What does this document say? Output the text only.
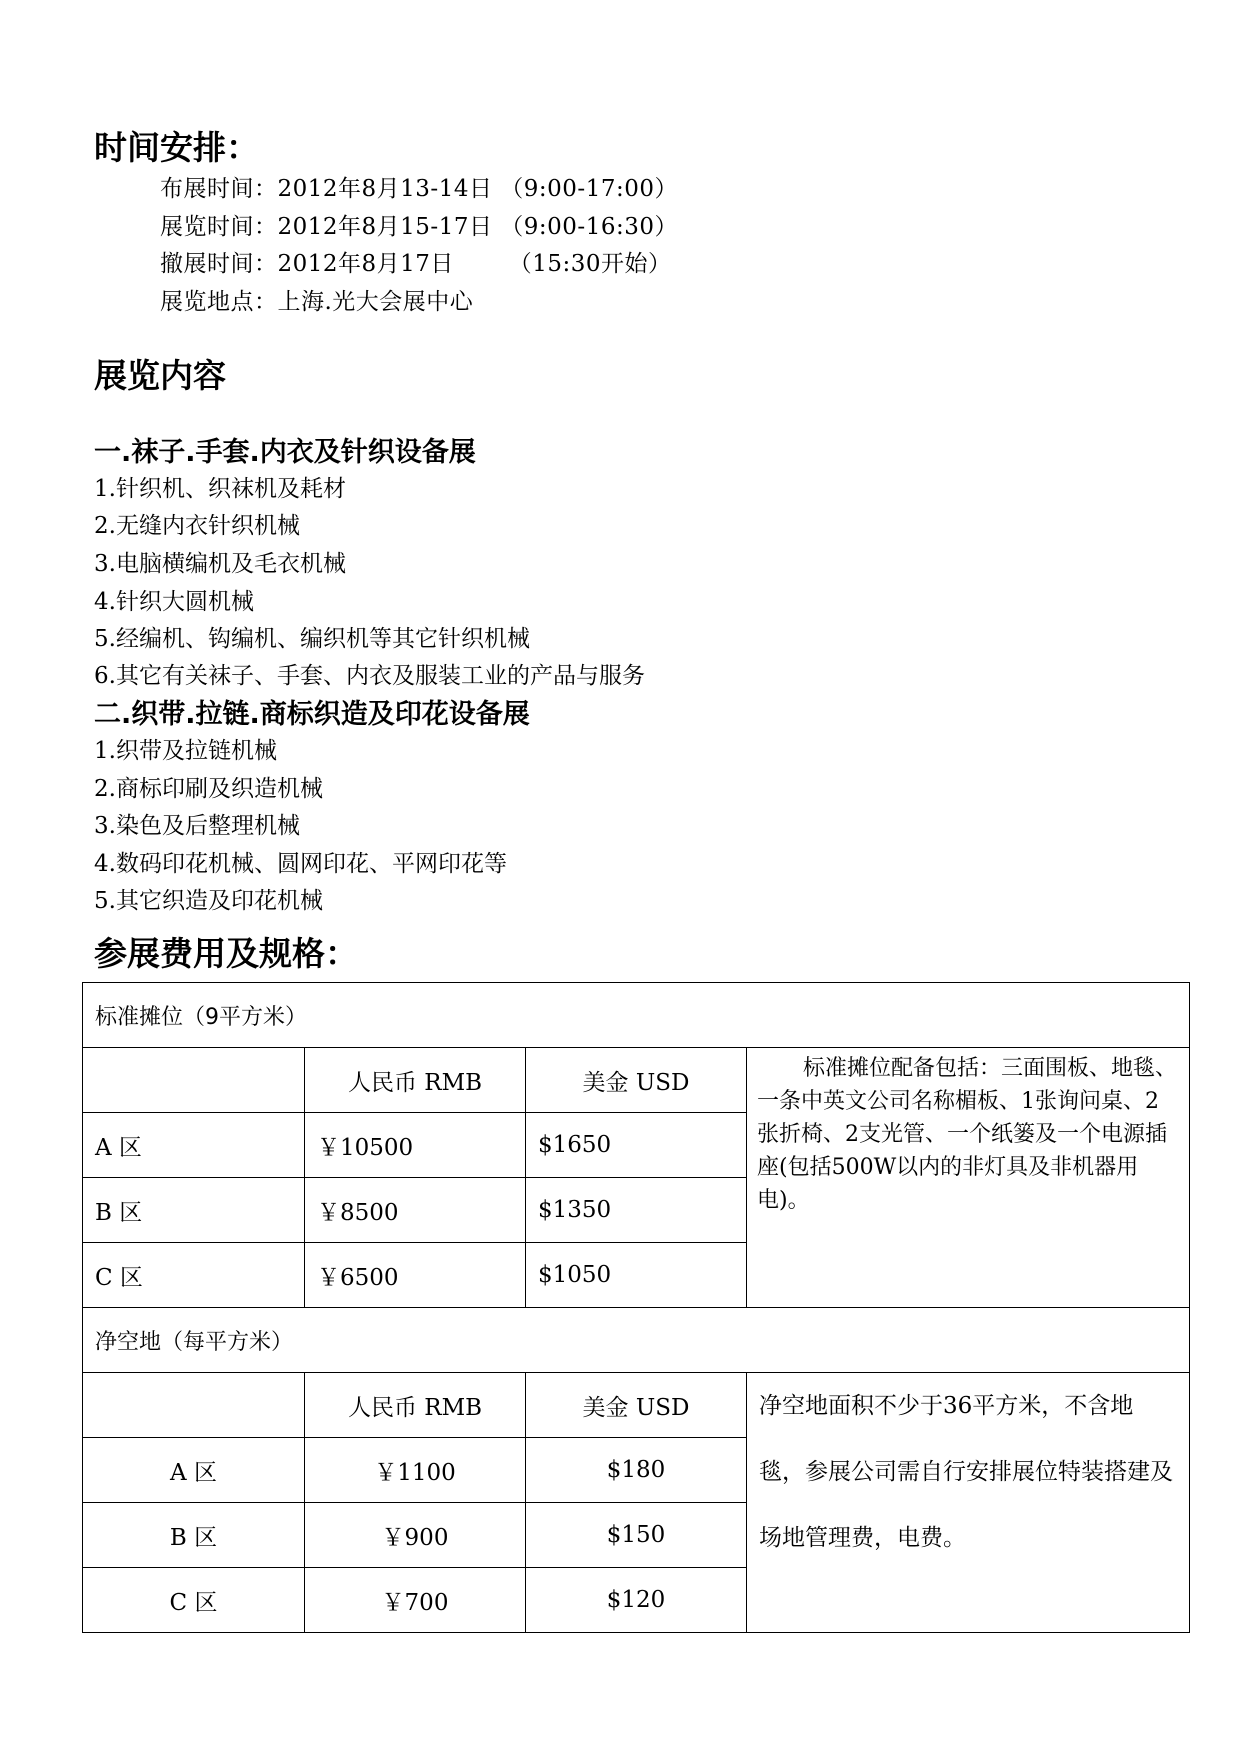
时间安排：
布展时间：2012年8月13-14日 （9:00-17:00）
展览时间：2012年8月15-17日 （9:00-16:30）
撤展时间：2012年8月17日　　 （15:30开始）
展览地点：上海.光大会展中心
展览内容
一.袜子.手套.内衣及针织设备展
1.针织机、织袜机及耗材
2.无缝内衣针织机械
3.电脑横编机及毛衣机械
4.针织大圆机械
5.经编机、钩编机、编织机等其它针织机械
6.其它有关袜子、手套、内衣及服装工业的产品与服务
二.织带.拉链.商标织造及印花设备展
1.织带及拉链机械
2.商标印刷及织造机械
3.染色及后整理机械
4.数码印花机械、圆网印花、平网印花等
5.其它织造及印花机械
参展费用及规格：
标准摊位（9平方米）			
	人民币 RMB	美金 USD	标准摊位配备包括：三面围板、地毯、一条中英文公司名称楣板、1张询问桌、2张折椅、2支光管、一个纸篓及一个电源插座(包括500W以内的非灯具及非机器用电)。
A 区	￥10500	$1650	
B 区	￥8500	$1350	
C 区	￥6500	$1050	
净空地（每平方米）			
	人民币 RMB	美金 USD	净空地面积不少于36平方米，不含地毯，参展公司需自行安排展位特装搭建及场地管理费，电费。
A 区	￥1100	$180	
B 区	￥900	$150	
C 区	￥700	$120	
